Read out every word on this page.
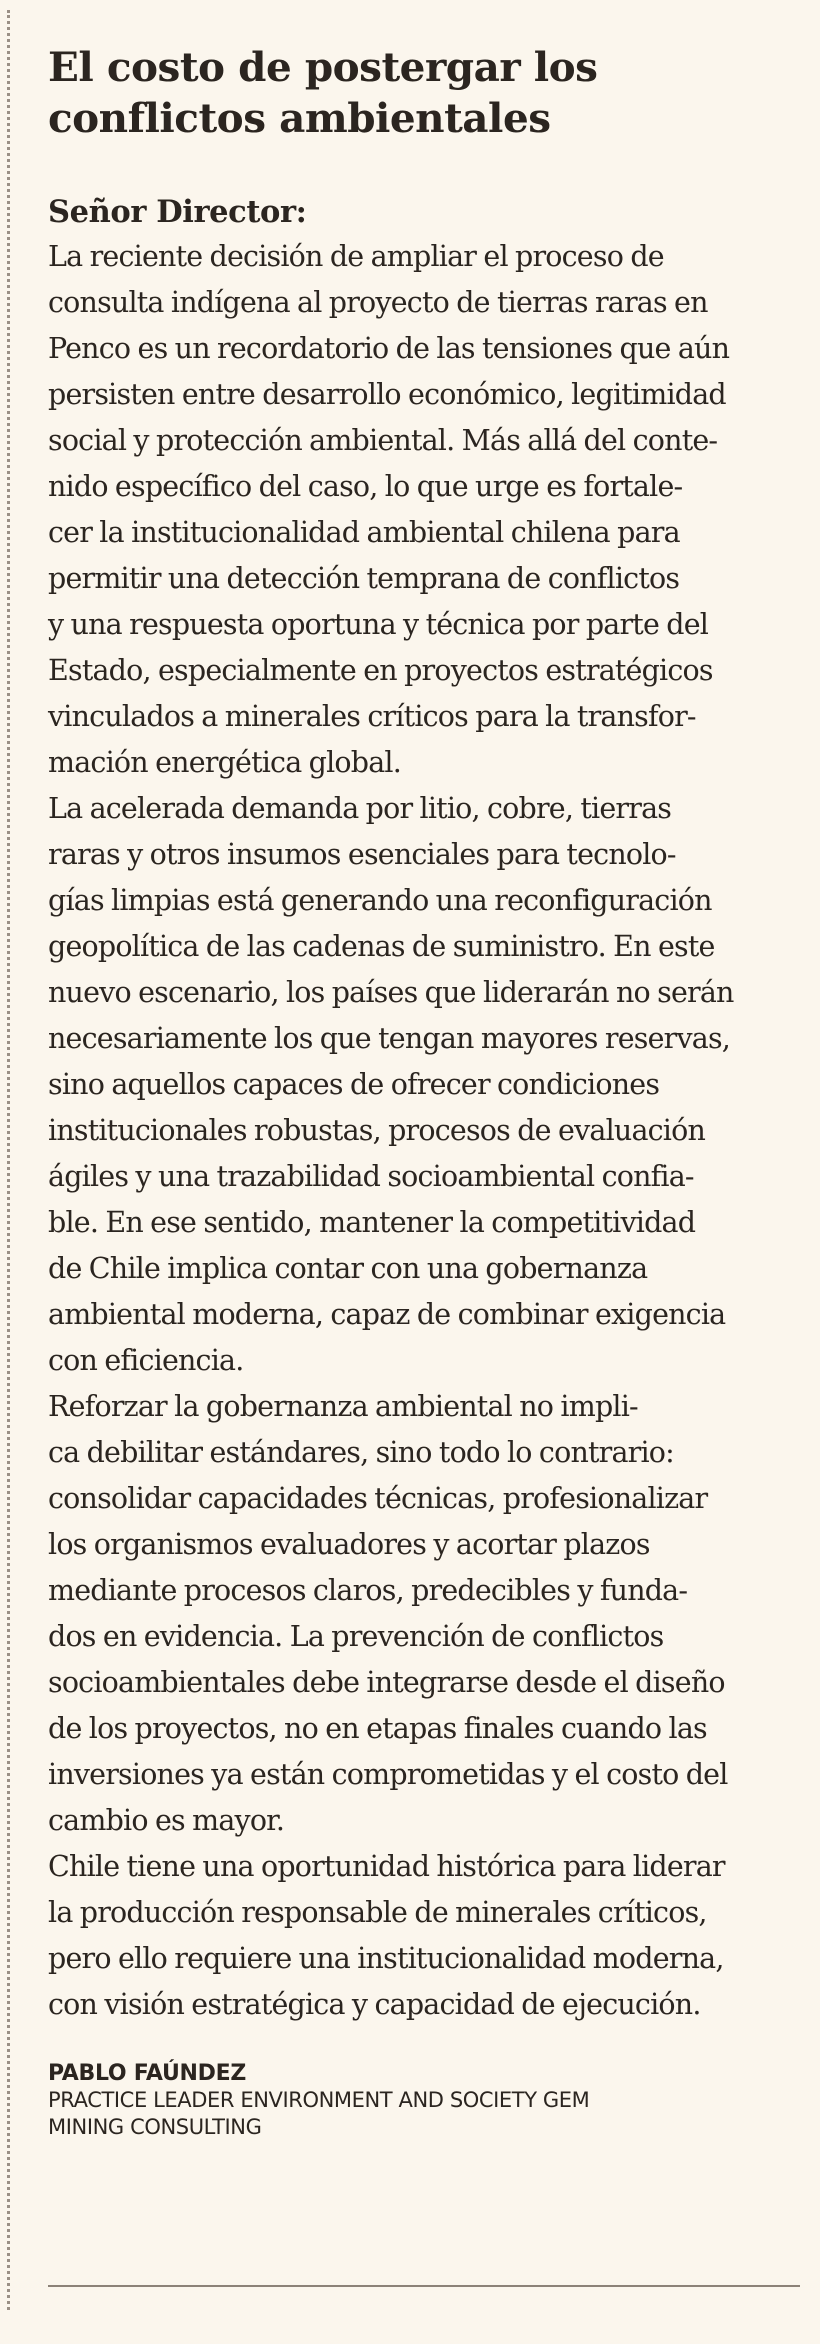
El costo de postergar los
conflictos ambientales
Señor Director:

La reciente decisión de ampliar el proceso de
consulta indígena al proyecto de tierras raras en
Penco es un recordatorio de las tensiones que aún
persisten entre desarrollo económico, legitimidad
social y protección ambiental. Más allá del conte-
nido específico del caso, lo que urge es fortale-
cer la institucionalidad ambiental chilena para
permitir una detección temprana de conflictos
y una respuesta oportuna y técnica por parte del
Estado, especialmente en proyectos estratégicos
vinculados a minerales críticos para la transfor-
mación energética global.

La acelerada demanda por litio, cobre, tierras
raras y otros insumos esenciales para tecnolo-
gías limpias está generando una reconfiguración
geopolítica de las cadenas de suministro. En este
nuevo escenario, los países que liderarán no serán
necesariamente los que tengan mayores reservas,
sino aquellos capaces de ofrecer condiciones
institucionales robustas, procesos de evaluación
ágiles y una trazabilidad socioambiental confia-
ble. En ese sentido, mantener la competitividad
de Chile implica contar con una gobernanza
ambiental moderna, capaz de combinar exigencia
con eficiencia.

Reforzar la gobernanza ambiental no impli-
ca debilitar estándares, sino todo lo contrario:
consolidar capacidades técnicas, profesionalizar
los organismos evaluadores y acortar plazos
mediante procesos claros, predecibles y funda-
dos en evidencia. La prevención de conflictos
socioambientales debe integrarse desde el diseño
de los proyectos, no en etapas finales cuando las
inversiones ya están comprometidas y el costo del
cambio es mayor.

Chile tiene una oportunidad histórica para liderar
la producción responsable de minerales críticos,
pero ello requiere una institucionalidad moderna,
con visión estratégica y capacidad de ejecución.

PABLO FAÚNDEZ
PRACTICE LEADER ENVIRONMENT AND SOCIETY GEM
MINING CONSULTING
